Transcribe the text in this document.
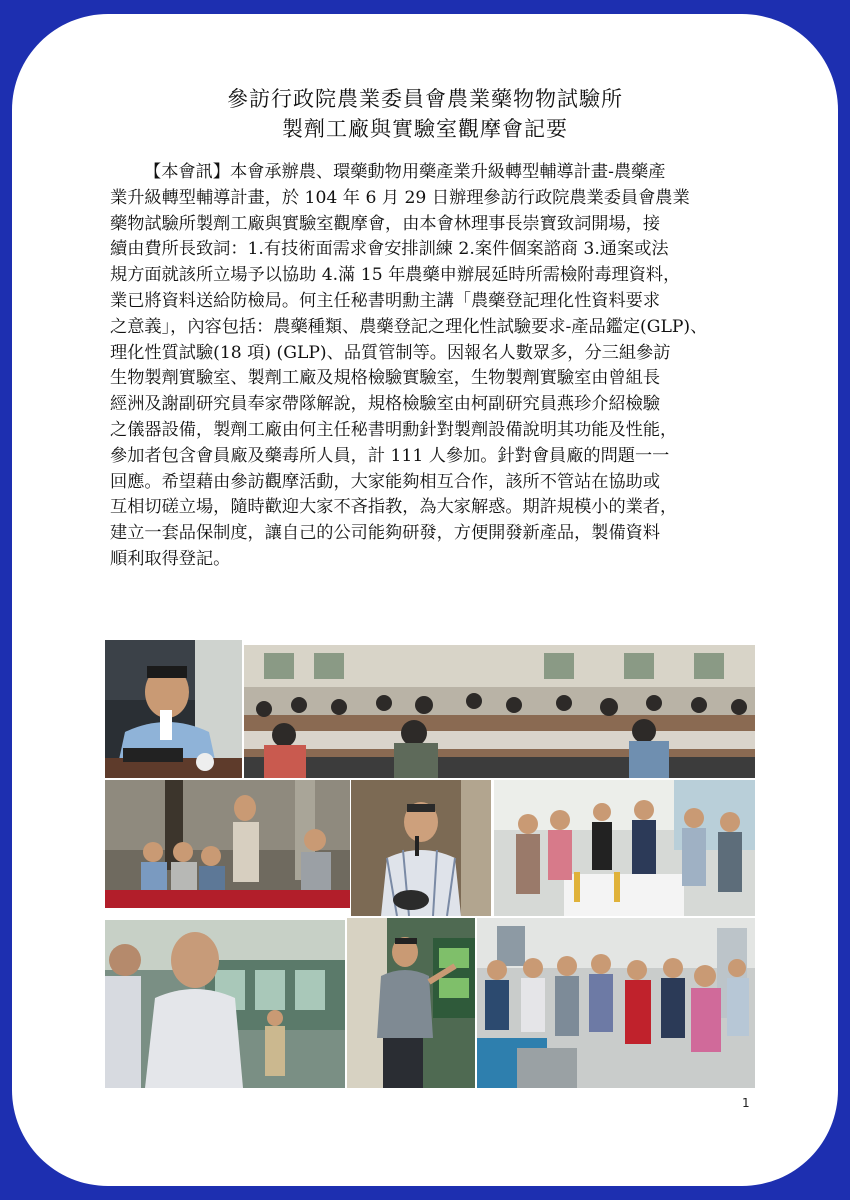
參訪行政院農業委員會農業藥物物試驗所
製劑工廠與實驗室觀摩會記要

【本會訊】本會承辦農、環藥動物用藥產業升級轉型輔導計畫-農藥產

業升級轉型輔導計畫，於 104 年 6 月 29 日辦理參訪行政院農業委員會農業

藥物試驗所製劑工廠與實驗室觀摩會，由本會林理事長崇寶致詞開場，接

續由費所長致詞：1.有技術面需求會安排訓練 2.案件個案諮商 3.通案或法

規方面就該所立場予以協助 4.滿 15 年農藥申辦展延時所需檢附毒理資料，

業已將資料送給防檢局。何主任秘書明勳主講「農藥登記理化性資料要求

之意義」，內容包括：農藥種類、農藥登記之理化性試驗要求-產品鑑定(GLP)、

理化性質試驗(18 項) (GLP)、品質管制等。因報名人數眾多，分三組參訪

生物製劑實驗室、製劑工廠及規格檢驗實驗室，生物製劑實驗室由曾組長

經洲及謝副研究員奉家帶隊解說，規格檢驗室由柯副研究員燕珍介紹檢驗

之儀器設備，製劑工廠由何主任秘書明勳針對製劑設備說明其功能及性能，

參加者包含會員廠及藥毒所人員，計 111 人參加。針對會員廠的問題一一

回應。希望藉由參訪觀摩活動，大家能夠相互合作，該所不管站在協助或

互相切磋立場，隨時歡迎大家不吝指教，為大家解惑。期許規模小的業者，

建立一套品保制度，讓自己的公司能夠研發，方便開發新產品，製備資料

順利取得登記。

1
